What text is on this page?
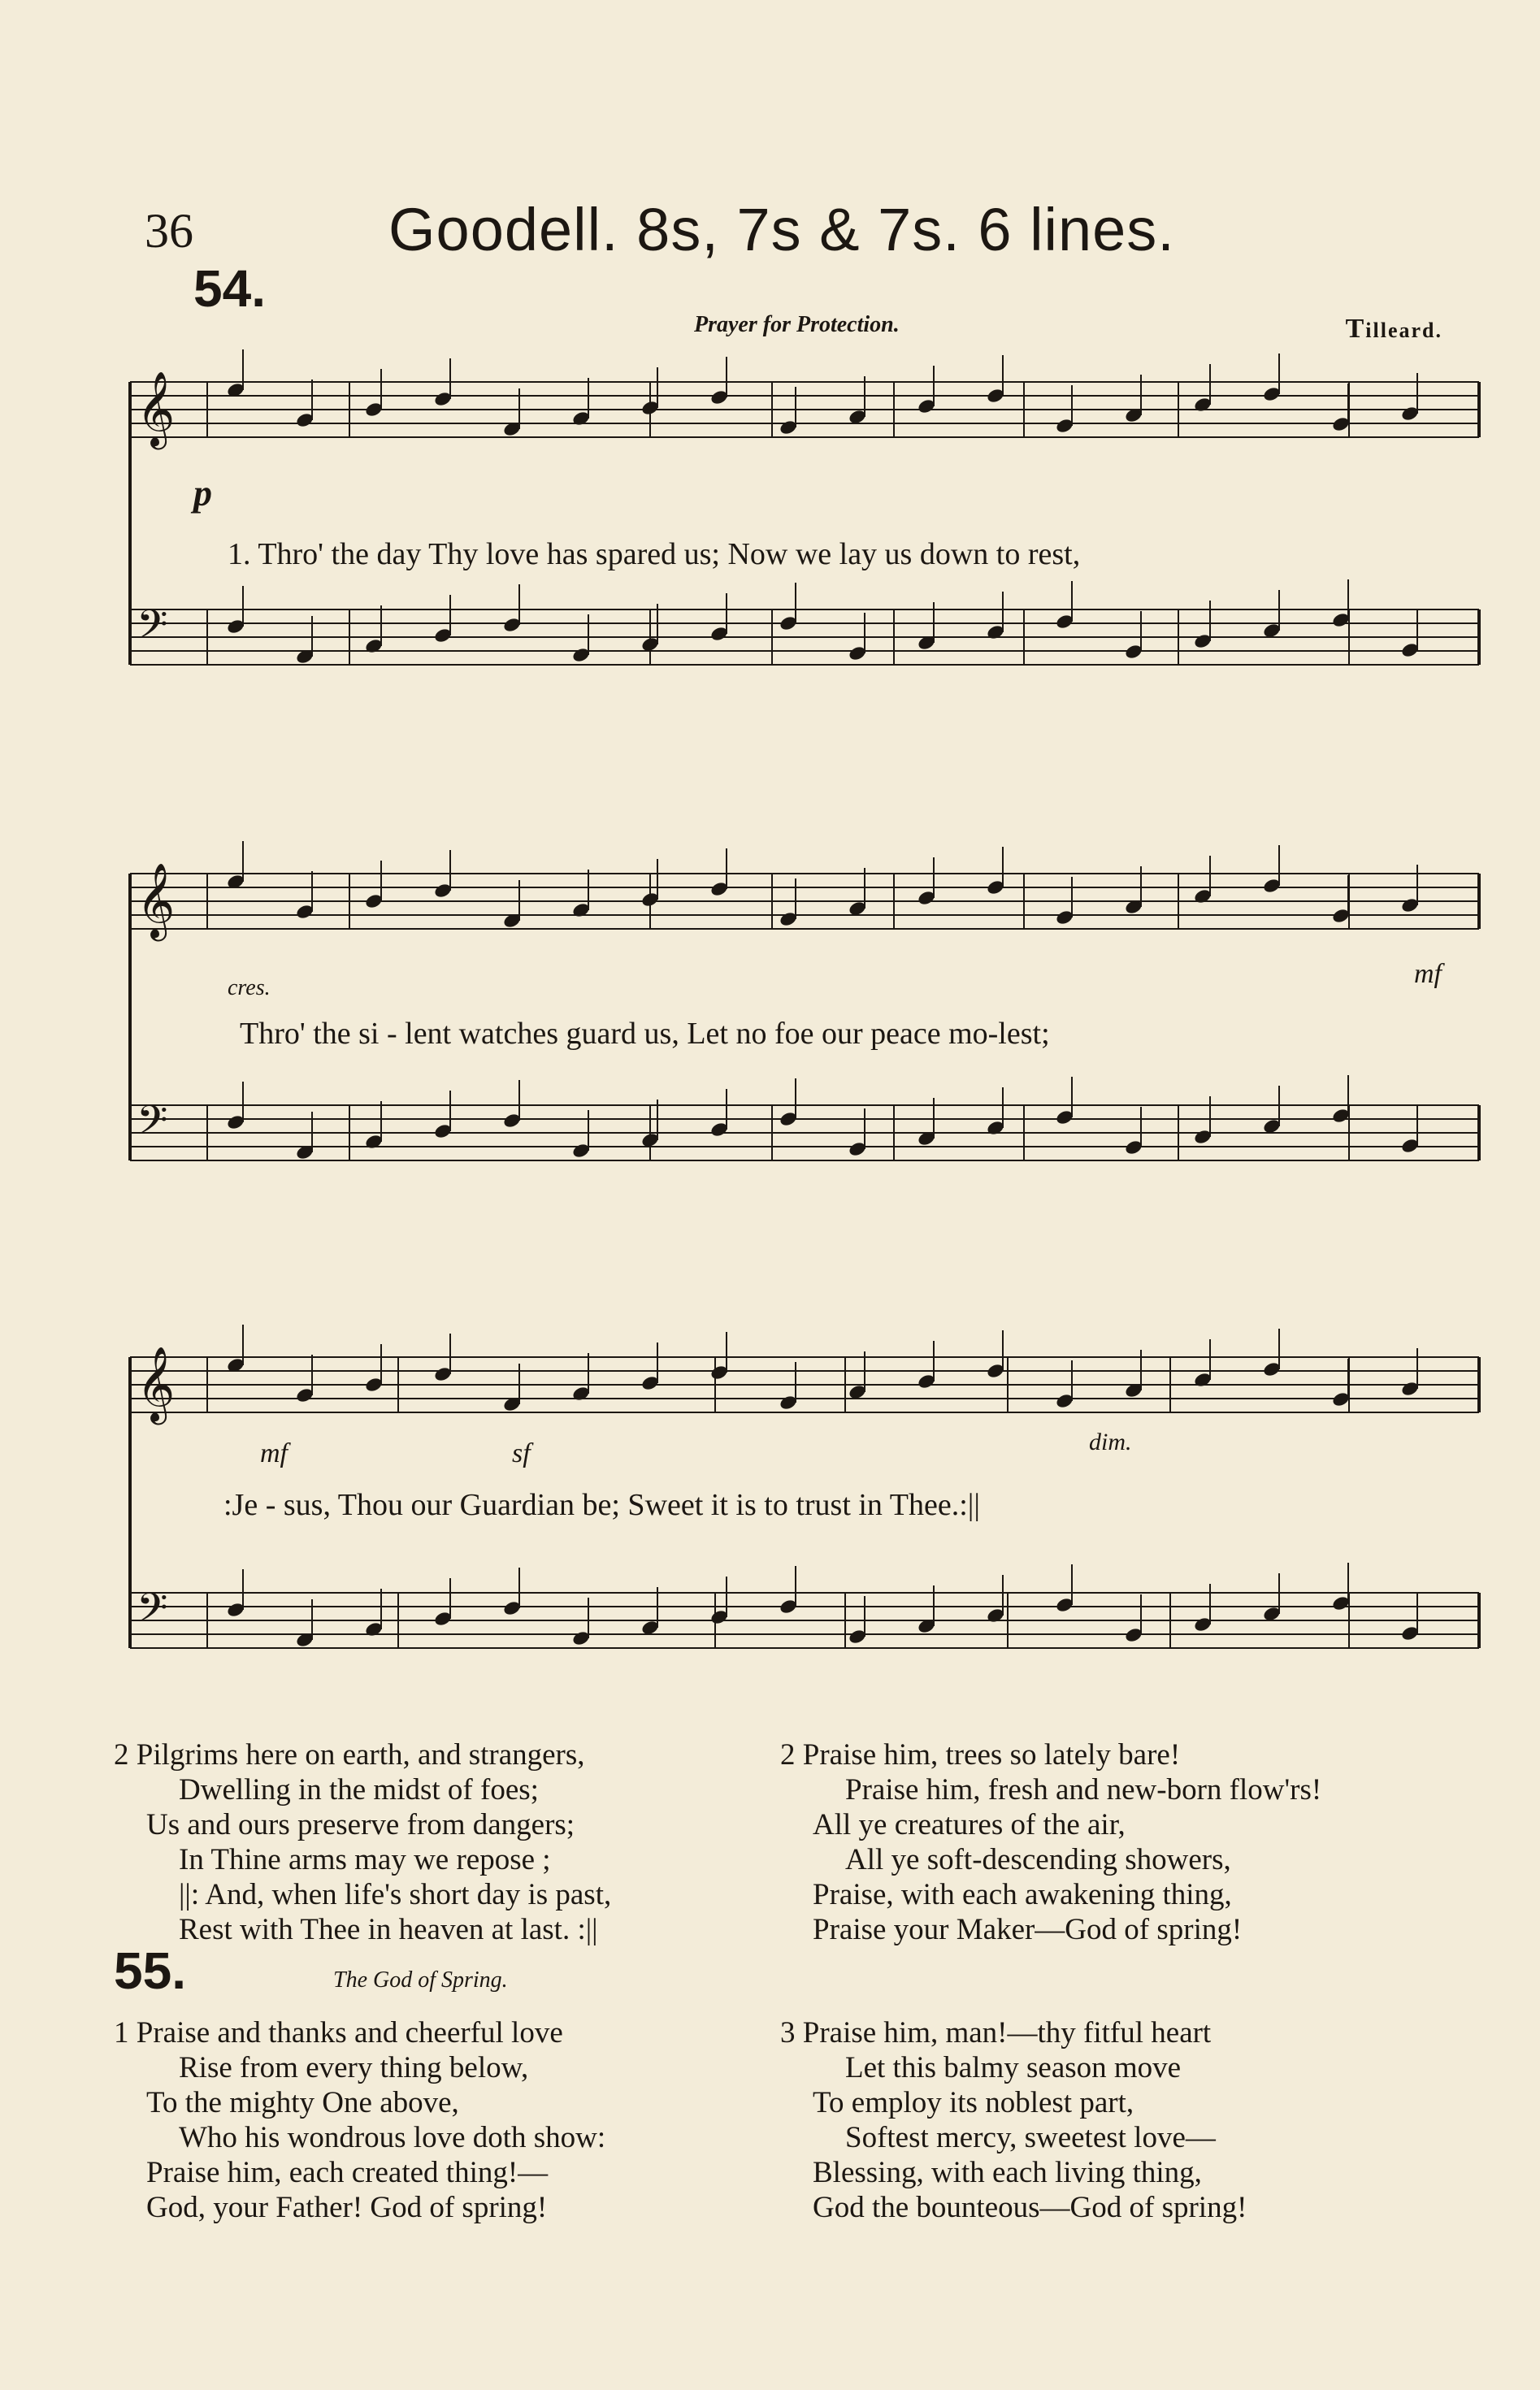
36	Goodell. 8s, 7s & 7s. 6 lines.
54.
Prayer for Protection.	Tilleard.
𝄞
𝄢
p
1. Thro' the day Thy love has spared us; Now we lay us down to rest,
𝄞
𝄢
cres.	mf
Thro' the si - lent watches guard us, Let no foe our peace mo-lest;
𝄞
𝄢
mf	sf	dim.
:Je - sus, Thou our Guardian be; Sweet it is to trust in Thee.:||
2 Pilgrims here on earth, and strangers,
Dwelling in the midst of foes;
Us and ours preserve from dangers;
In Thine arms may we repose ;
||: And, when life's short day is past,
Rest with Thee in heaven at last. :||
2 Praise him, trees so lately bare!
Praise him, fresh and new-born flow'rs!
All ye creatures of the air,
All ye soft-descending showers,
Praise, with each awakening thing,
Praise your Maker—God of spring!
55.	The God of Spring.
1 Praise and thanks and cheerful love
Rise from every thing below,
To the mighty One above,
Who his wondrous love doth show:
Praise him, each created thing!—
God, your Father! God of spring!
3 Praise him, man!—thy fitful heart
Let this balmy season move
To employ its noblest part,
Softest mercy, sweetest love—
Blessing, with each living thing,
God the bounteous—God of spring!
